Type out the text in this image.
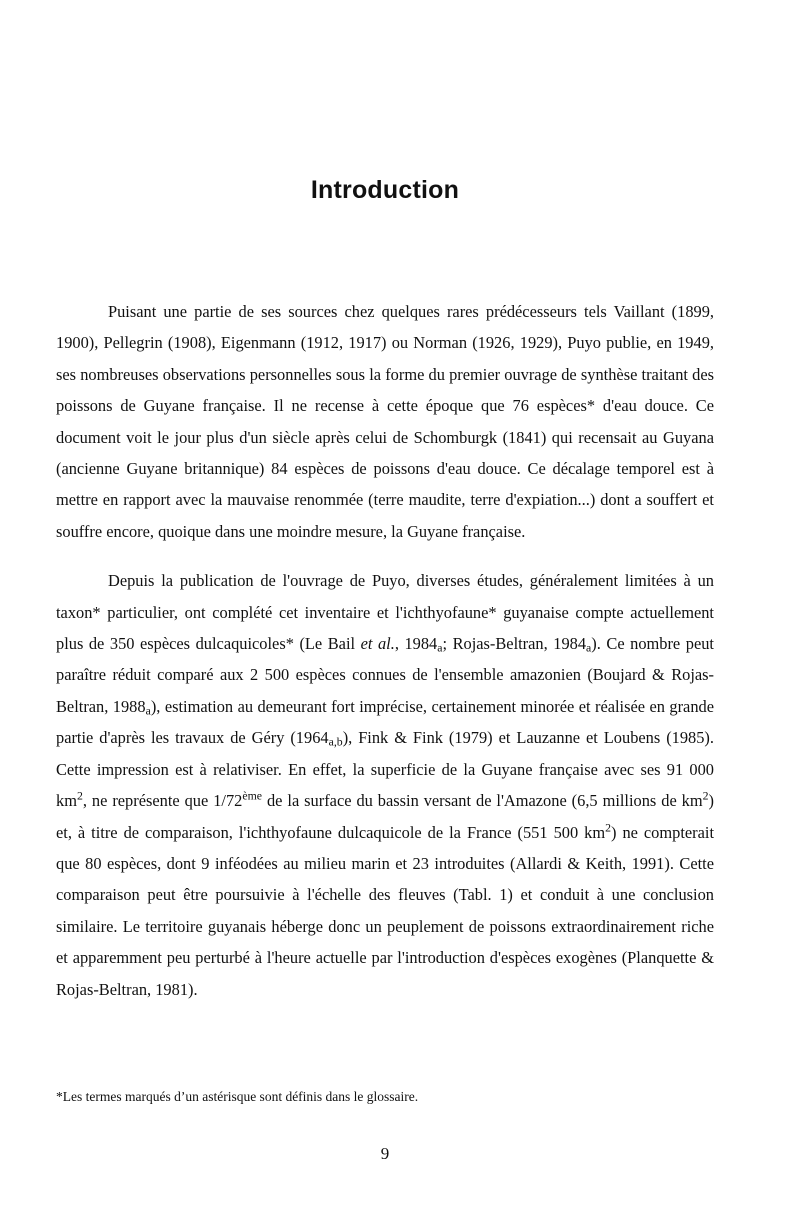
Introduction

Puisant une partie de ses sources chez quelques rares prédécesseurs tels Vaillant (1899, 1900), Pellegrin (1908), Eigenmann (1912, 1917) ou Norman (1926, 1929), Puyo publie, en 1949, ses nombreuses observations personnelles sous la forme du premier ouvrage de synthèse traitant des poissons de Guyane française. Il ne recense à cette époque que 76 espèces* d'eau douce. Ce document voit le jour plus d'un siècle après celui de Schomburgk (1841) qui recensait au Guyana (ancienne Guyane britannique) 84 espèces de poissons d'eau douce. Ce décalage temporel est à mettre en rapport avec la mauvaise renommée (terre maudite, terre d'expiation...) dont a souffert et souffre encore, quoique dans une moindre mesure, la Guyane française.

Depuis la publication de l'ouvrage de Puyo, diverses études, généralement limitées à un taxon* particulier, ont complété cet inventaire et l'ichthyofaune* guyanaise compte actuellement plus de 350 espèces dulcaquicoles* (Le Bail et al., $1984_a$; Rojas-Beltran, $1984_a$). Ce nombre peut paraître réduit comparé aux 2 500 espèces connues de l'ensemble amazonien (Boujard & Rojas-Beltran, $1988_a$), estimation au demeurant fort imprécise, certainement minorée et réalisée en grande partie d'après les travaux de Géry $(1964_{a,b})$, Fink & Fink (1979) et Lauzanne et Loubens (1985). Cette impression est à relativiser. En effet, la superficie de la Guyane française avec ses 91 000 $km^2$, ne représente que 1/72ème de la surface du bassin versant de l'Amazone (6,5 millions de $km^2$) et, à titre de comparaison, l'ichthyofaune dulcaquicole de la France (551 500 $km^2$) ne compterait que 80 espèces, dont 9 inféodées au milieu marin et 23 introduites (Allardi & Keith, 1991). Cette comparaison peut être poursuivie à l'échelle des fleuves (Tabl. 1) et conduit à une conclusion similaire. Le territoire guyanais héberge donc un peuplement de poissons extraordinairement riche et apparemment peu perturbé à l'heure actuelle par l'introduction d'espèces exogènes (Planquette & Rojas-Beltran, 1981).

*Les termes marqués d’un astérisque sont définis dans le glossaire.

9
